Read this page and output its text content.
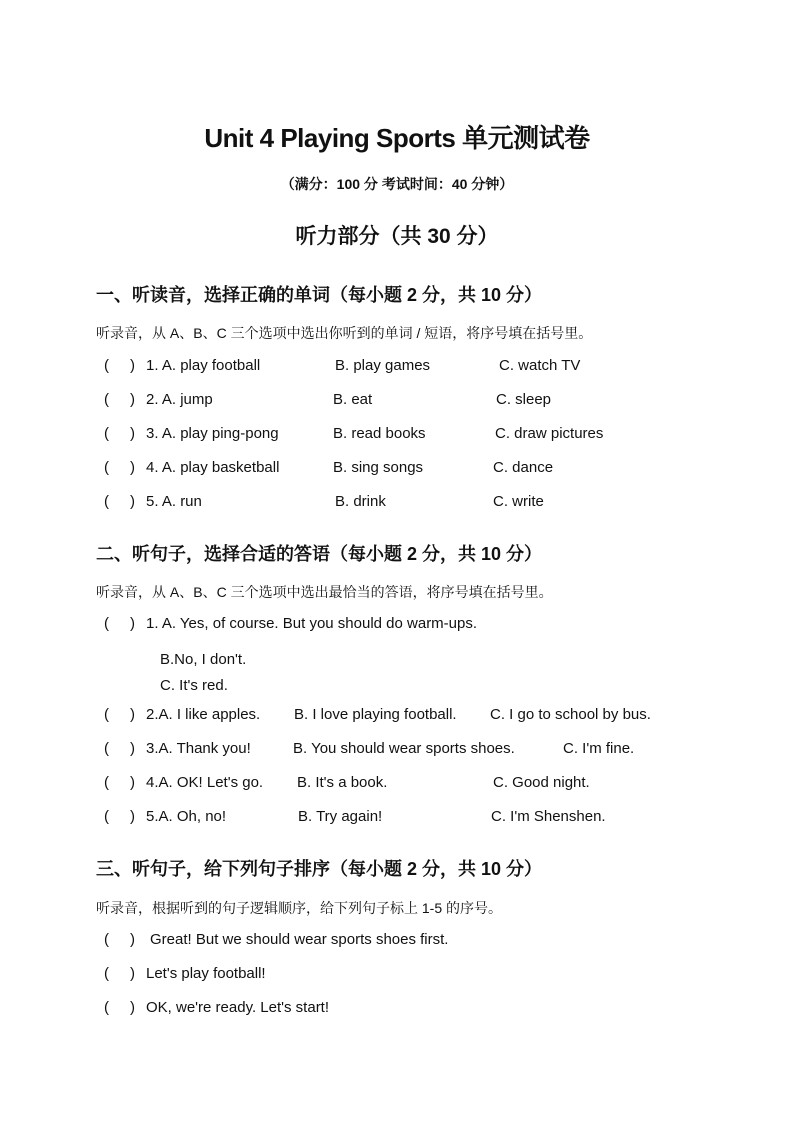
Unit 4 Playing Sports 单元测试卷
（满分：100 分 考试时间：40 分钟）
听力部分（共 30 分）
一、听读音，选择正确的单词（每小题 2 分，共 10 分）
听录音，从 A、B、C 三个选项中选出你听到的单词 / 短语，将序号填在括号里。
( ) 1. A. play football	B. play games	C. watch TV
( ) 2. A. jump	B. eat	C. sleep
( ) 3. A. play ping-pong	B. read books	C. draw pictures
( ) 4. A. play basketball	B. sing songs	C. dance
( ) 5. A. run	B. drink	C. write
二、听句子，选择合适的答语（每小题 2 分，共 10 分）
听录音，从 A、B、C 三个选项中选出最恰当的答语，将序号填在括号里。
( ) 1. A. Yes, of course. But you should do warm-ups.
B.No, I don't.
C. It's red.
( ) 2.A. I like apples. B. I love playing football. C. I go to school by bus.
( ) 3.A. Thank you!	B. You should wear sports shoes.	C. I'm fine.
( ) 4.A. OK! Let's go. B. It's a book.	C. Good night.
( ) 5.A. Oh, no!	B. Try again!	C. I'm Shenshen.
三、听句子，给下列句子排序（每小题 2 分，共 10 分）
听录音，根据听到的句子逻辑顺序，给下列句子标上 1-5 的序号。
( ) Great! But we should wear sports shoes first.
( ) Let's play football!
( ) OK, we're ready. Let's start!
